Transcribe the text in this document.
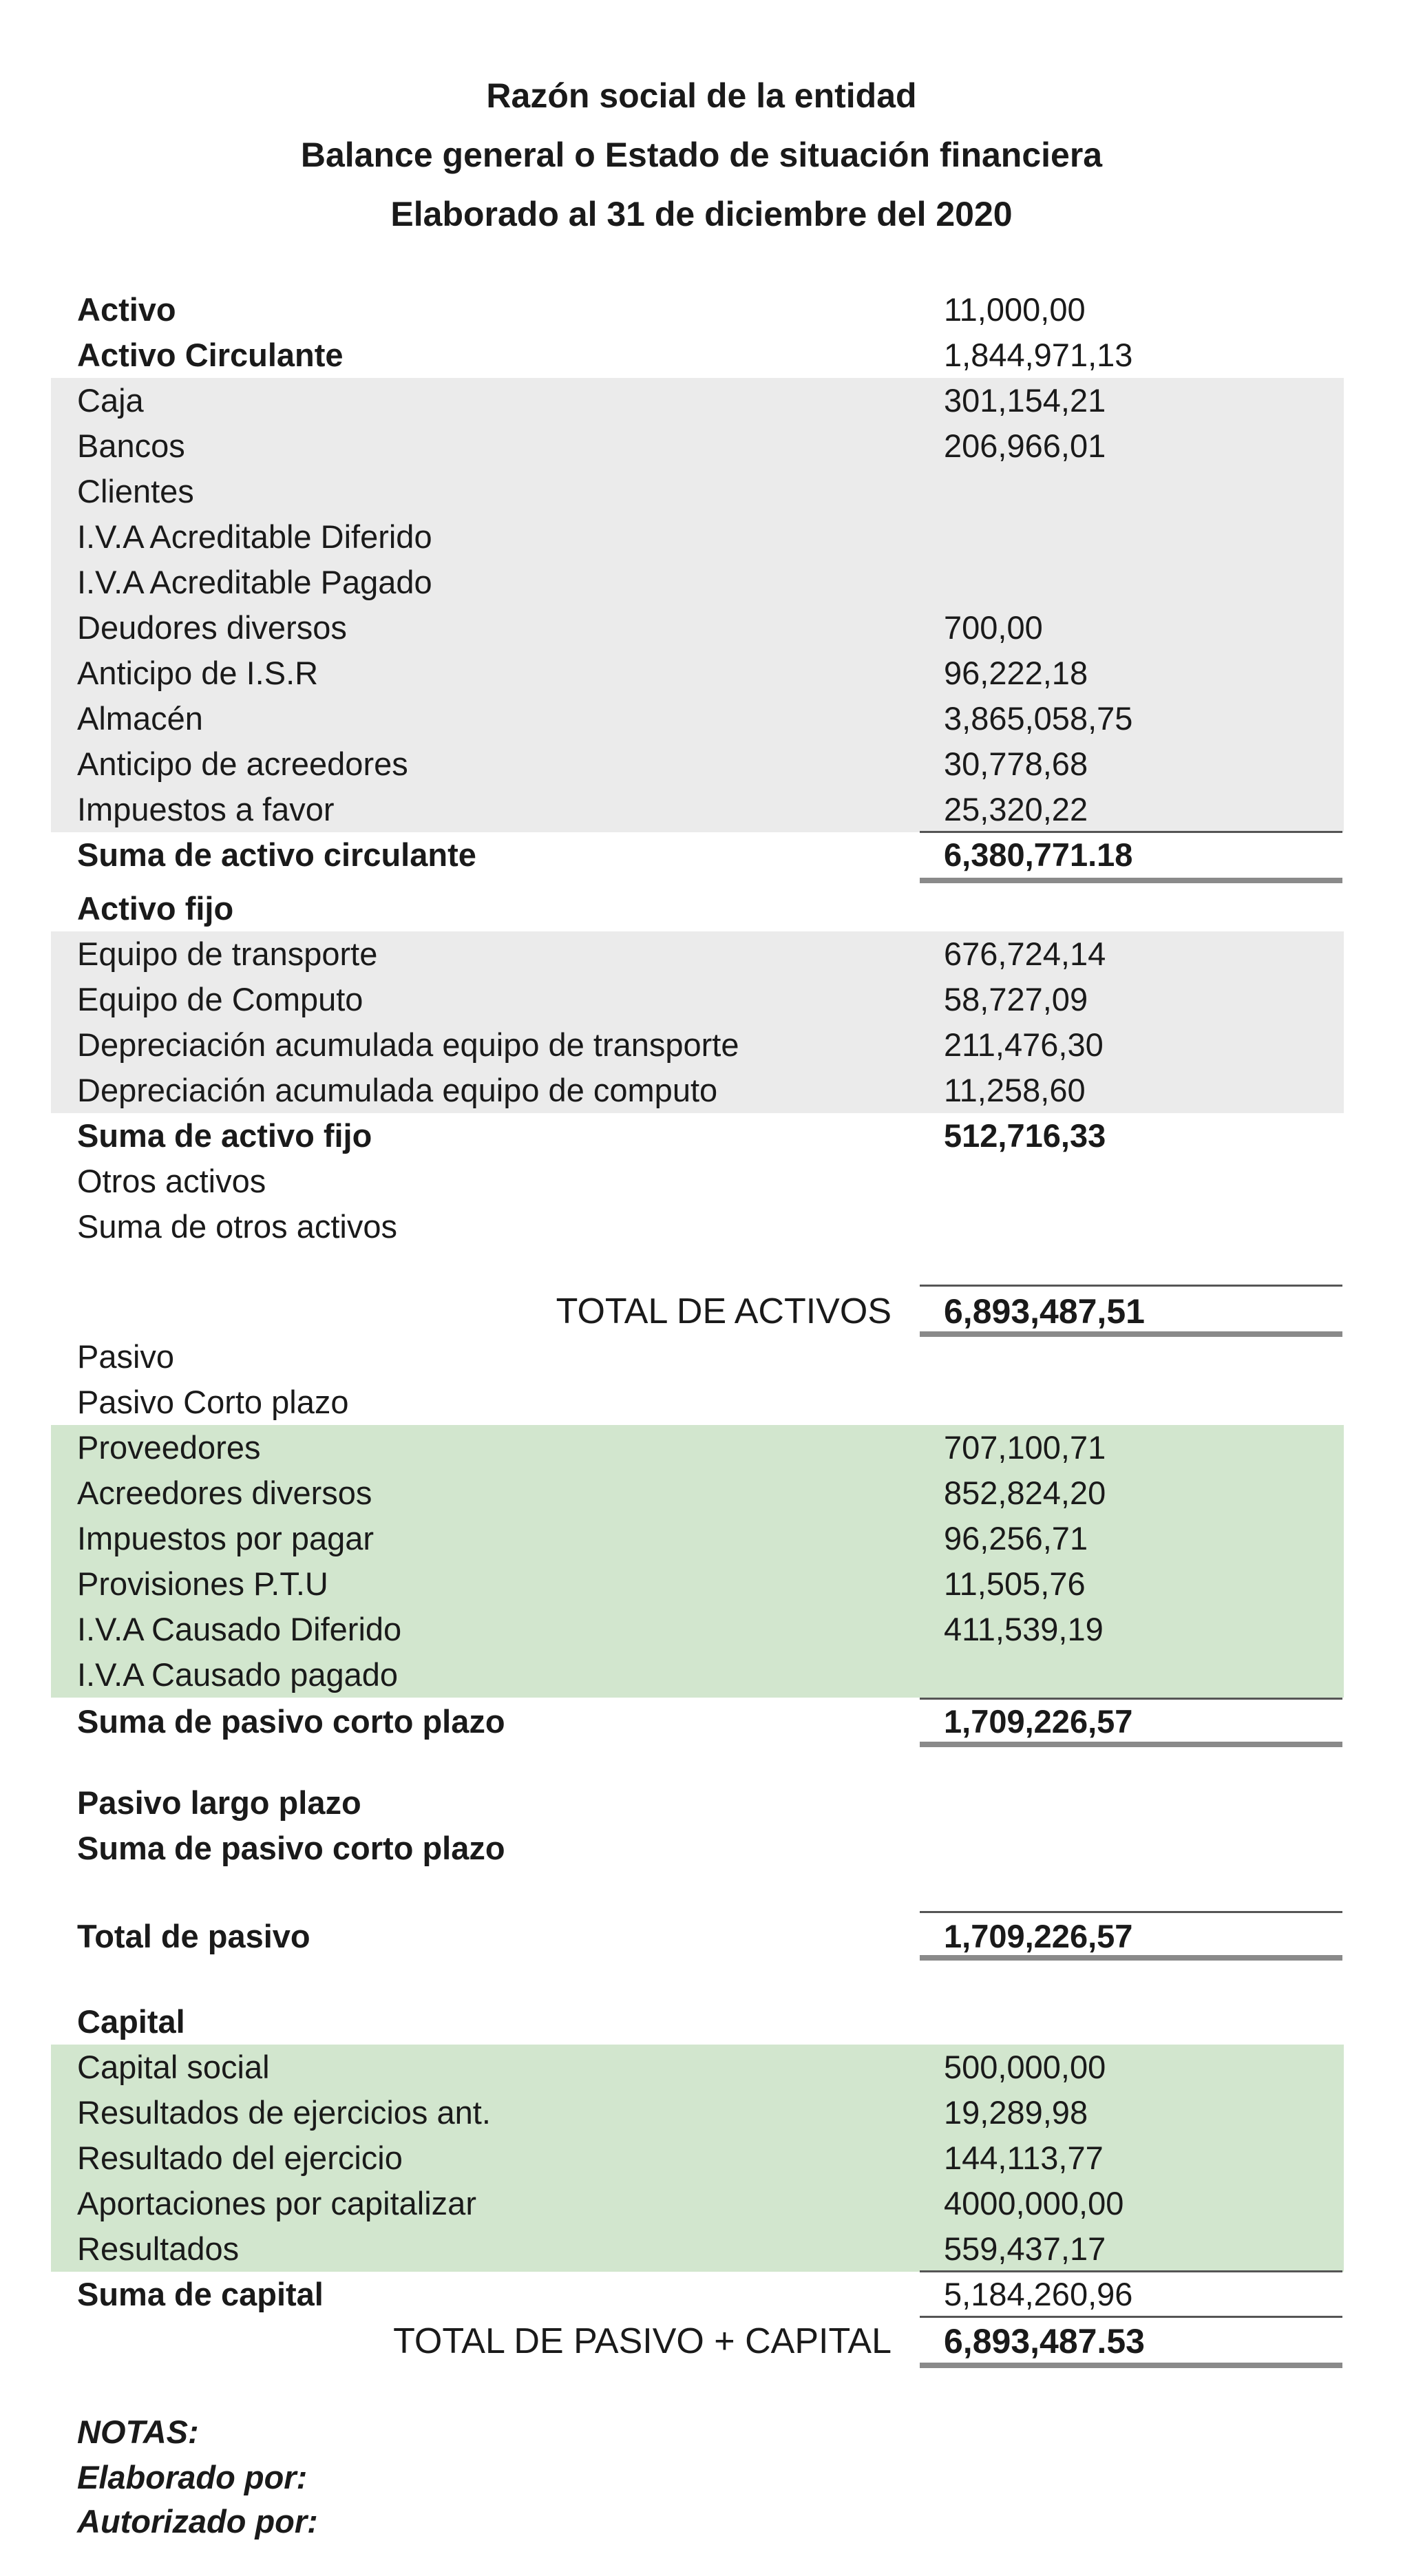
Razón social de la entidad
Balance general o Estado de situación financiera
Elaborado al 31 de diciembre del 2020
Activo	11,000,00
Activo Circulante	1,844,971,13
Caja	301,154,21
Bancos	206,966,01
Clientes
I.V.A Acreditable Diferido
I.V.A Acreditable Pagado
Deudores diversos	700,00
Anticipo de I.S.R	96,222,18
Almacén	3,865,058,75
Anticipo de acreedores	30,778,68
Impuestos a favor	25,320,22
Suma de activo circulante	6,380,771.18
Activo fijo
Equipo de transporte	676,724,14
Equipo de Computo	58,727,09
Depreciación acumulada equipo de transporte	211,476,30
Depreciación acumulada equipo de computo	11,258,60
Suma de activo fijo	512,716,33
Otros activos
Suma de otros activos
TOTAL DE ACTIVOS 6,893,487,51
Pasivo
Pasivo Corto plazo
Proveedores	707,100,71
Acreedores diversos	852,824,20
Impuestos por pagar	96,256,71
Provisiones P.T.U	11,505,76
I.V.A Causado Diferido	411,539,19
I.V.A Causado pagado
Suma de pasivo corto plazo	1,709,226,57
Pasivo largo plazo
Suma de pasivo corto plazo
Total de pasivo	1,709,226,57
Capital
Capital social	500,000,00
Resultados de ejercicios ant.	19,289,98
Resultado del ejercicio	144,113,77
Aportaciones por capitalizar	4000,000,00
Resultados	559,437,17
Suma de capital	5,184,260,96
TOTAL DE PASIVO + CAPITAL 6,893,487.53
NOTAS:
Elaborado por:
Autorizado por:
